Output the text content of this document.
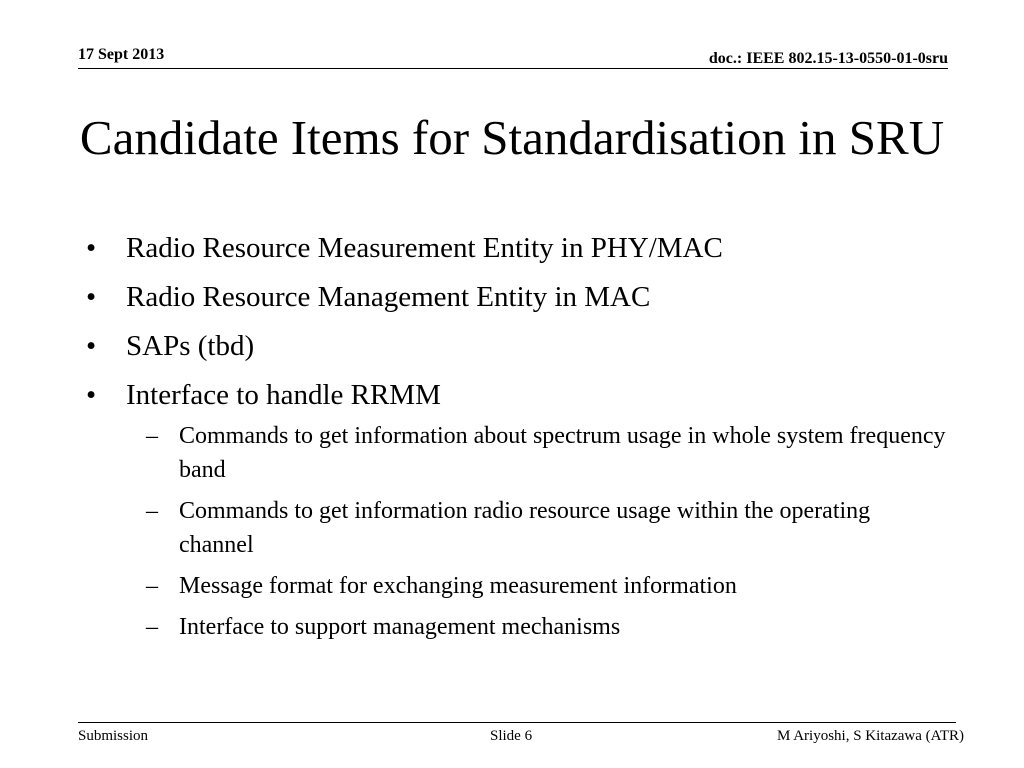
17 Sept 2013	doc.: IEEE 802.15-13-0550-01-0sru
Candidate Items for Standardisation in SRU
• Radio Resource Measurement Entity in PHY/MAC
• Radio Resource Management Entity in MAC
• SAPs (tbd)
• Interface to handle RRMM
– Commands to get information about spectrum usage in whole system frequency band
– Commands to get information radio resource usage within the operating channel
– Message format for exchanging measurement information
– Interface to support management mechanisms
Submission	Slide 6	M Ariyoshi, S Kitazawa (ATR)
